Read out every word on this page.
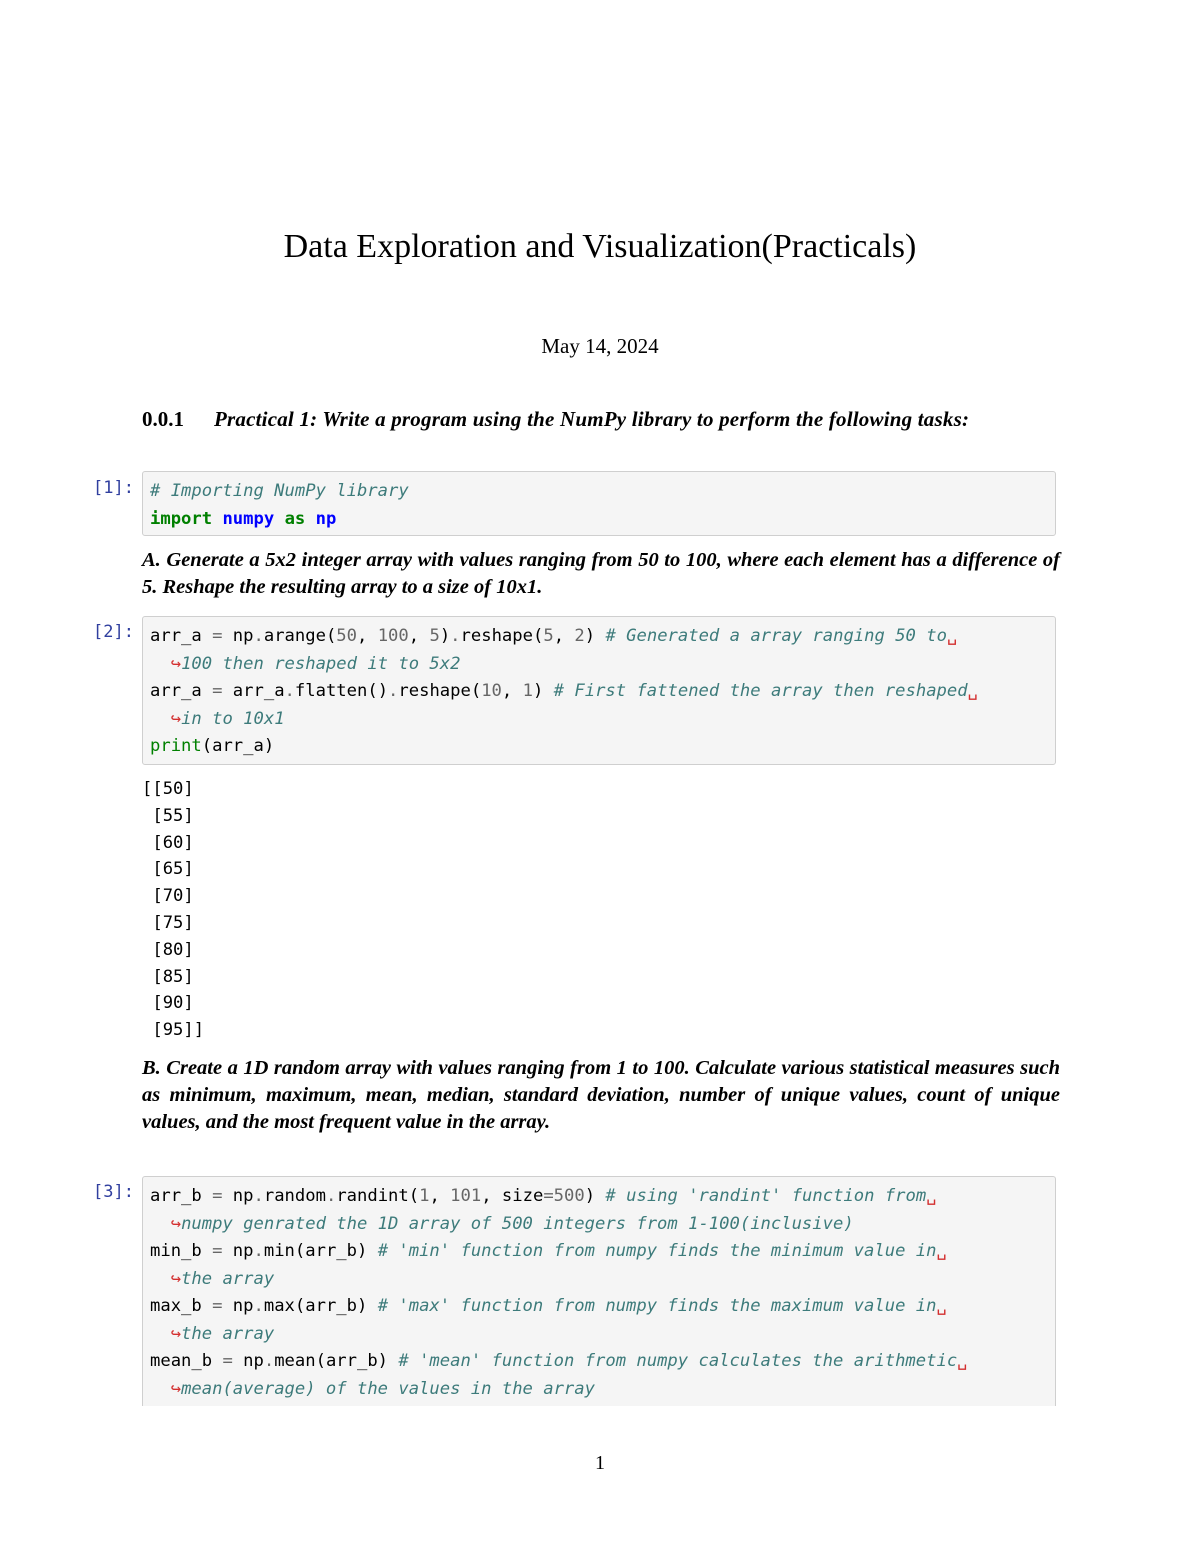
Data Exploration and Visualization(Practicals)
May 14, 2024
0.0.1 Practical 1: Write a program using the NumPy library to perform the following tasks:
[1]: # Importing NumPy library
import numpy as np

A. Generate a 5x2 integer array with values ranging from 50 to 100, where each element has a difference of 5. Reshape the resulting array to a size of 10x1.

[2]: arr_a = np.arange(50, 100, 5).reshape(5, 2) # Generated a array ranging 50 to␣
↪100 then reshaped it to 5x2
arr_a = arr_a.flatten().reshape(10, 1) # First fattened the array then reshaped␣
↪in to 10x1
print(arr_a)
[[50]
[55]
[60]
[65]
[70]
[75]
[80]
[85]
[90]
[95]]

B. Create a 1D random array with values ranging from 1 to 100. Calculate various statistical measures such as minimum, maximum, mean, median, standard deviation, number of unique values, count of unique values, and the most frequent value in the array.

[3]: arr_b = np.random.randint(1, 101, size=500) # using 'randint' function from␣
↪numpy genrated the 1D array of 500 integers from 1-100(inclusive)
min_b = np.min(arr_b) # 'min' function from numpy finds the minimum value in␣
↪the array
max_b = np.max(arr_b) # 'max' function from numpy finds the maximum value in␣
↪the array
mean_b = np.mean(arr_b) # 'mean' function from numpy calculates the arithmetic␣
↪mean(average) of the values in the array
1
